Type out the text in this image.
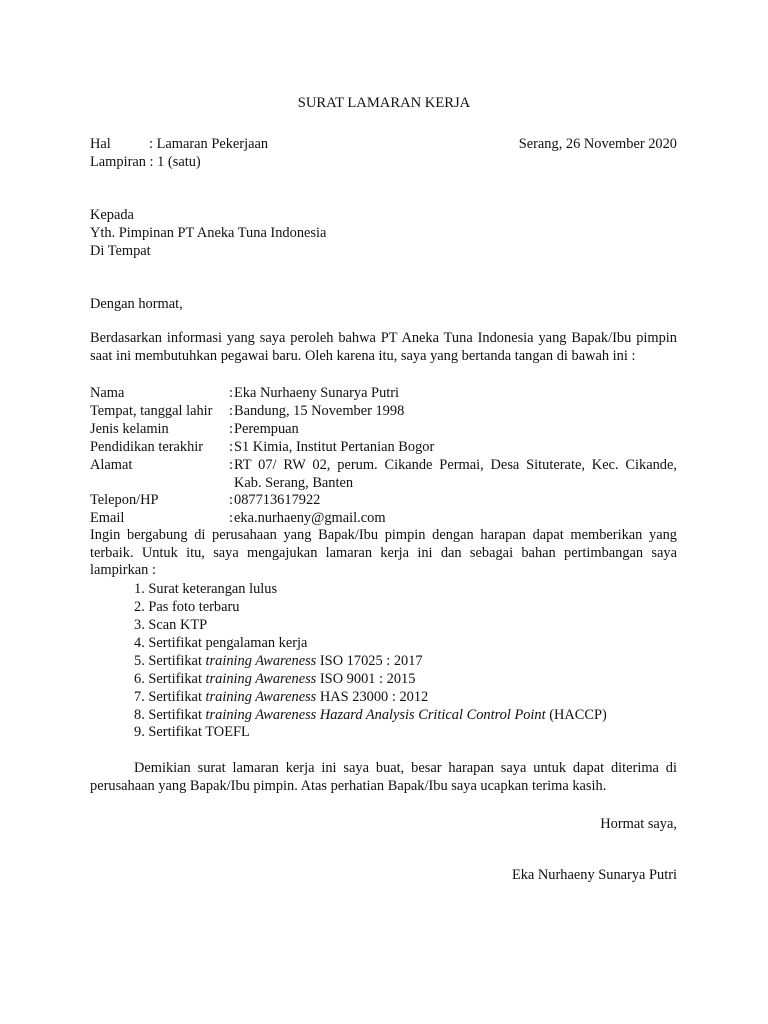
SURAT LAMARAN KERJA
Hal	: Lamaran Pekerjaan	Serang, 26 November 2020
Lampiran : 1 (satu)
Kepada
Yth. Pimpinan PT Aneka Tuna Indonesia
Di Tempat
Dengan hormat,
Berdasarkan informasi yang saya peroleh bahwa PT Aneka Tuna Indonesia yang Bapak/Ibu pimpin saat ini membutuhkan pegawai baru. Oleh karena itu, saya yang bertanda tangan di bawah ini :
Nama	: Eka Nurhaeny Sunarya Putri
Tempat, tanggal lahir : Bandung, 15 November 1998
Jenis kelamin	: Perempuan
Pendidikan terakhir : S1 Kimia, Institut Pertanian Bogor
Alamat	: RT 07/ RW 02, perum. Cikande Permai, Desa Situterate, Kec. Cikande,
Kab. Serang, Banten
Telepon/HP	: 087713617922
Email	: eka.nurhaeny@gmail.com
Ingin bergabung di perusahaan yang Bapak/Ibu pimpin dengan harapan dapat memberikan yang terbaik. Untuk itu, saya mengajukan lamaran kerja ini dan sebagai bahan pertimbangan saya lampirkan :
1. Surat keterangan lulus
2. Pas foto terbaru
3. Scan KTP
4. Sertifikat pengalaman kerja
5. Sertifikat training Awareness ISO 17025 : 2017
6. Sertifikat training Awareness ISO 9001 : 2015
7. Sertifikat training Awareness HAS 23000 : 2012
8. Sertifikat training Awareness Hazard Analysis Critical Control Point (HACCP)
9. Sertifikat TOEFL
Demikian surat lamaran kerja ini saya buat, besar harapan saya untuk dapat diterima di perusahaan yang Bapak/Ibu pimpin. Atas perhatian Bapak/Ibu saya ucapkan terima kasih.
Hormat saya,
Eka Nurhaeny Sunarya Putri
